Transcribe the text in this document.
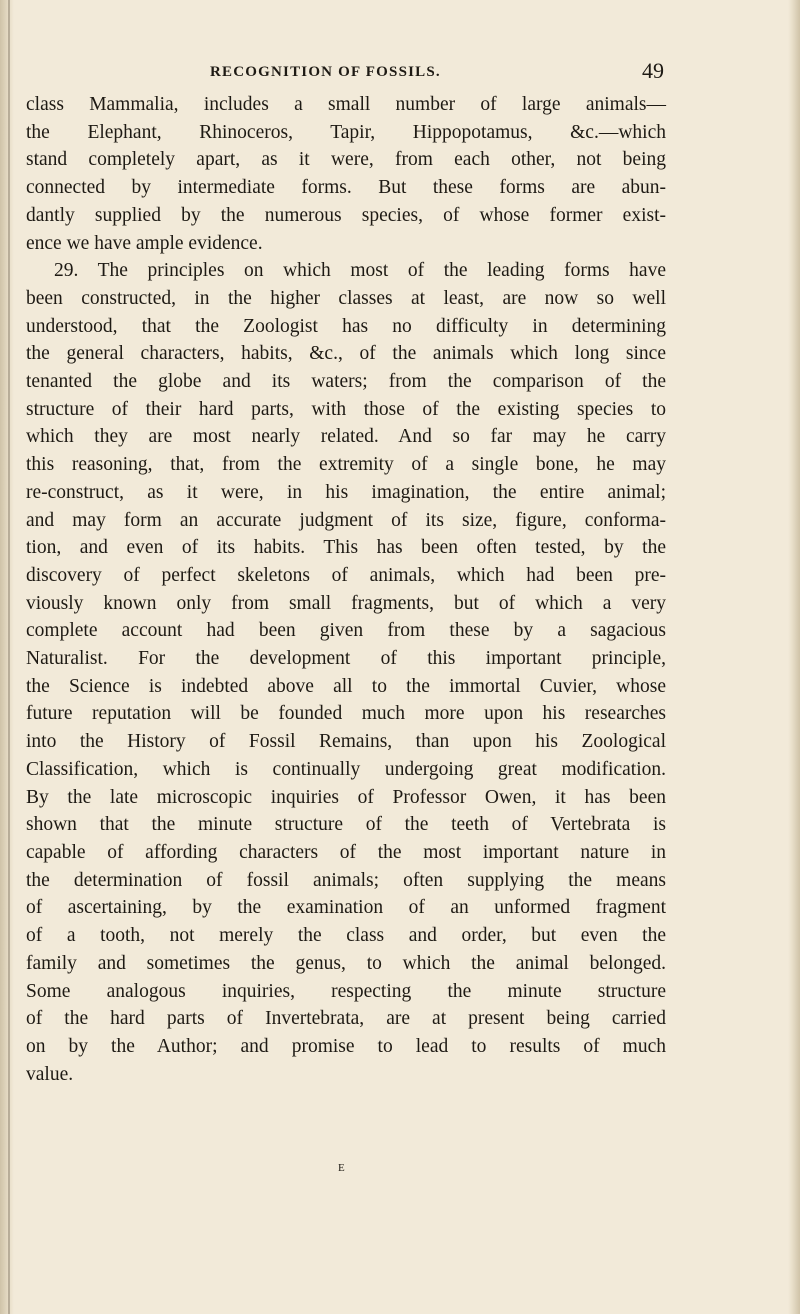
RECOGNITION OF FOSSILS.	49
class Mammalia, includes a small number of large animals—
the Elephant, Rhinoceros, Tapir, Hippopotamus, &c.—which
stand completely apart, as it were, from each other, not being
connected by intermediate forms. But these forms are abun-
dantly supplied by the numerous species, of whose former exist-
ence we have ample evidence.
29. The principles on which most of the leading forms have
been constructed, in the higher classes at least, are now so well
understood, that the Zoologist has no difficulty in determining
the general characters, habits, &c., of the animals which long since
tenanted the globe and its waters; from the comparison of the
structure of their hard parts, with those of the existing species to
which they are most nearly related. And so far may he carry
this reasoning, that, from the extremity of a single bone, he may
re-construct, as it were, in his imagination, the entire animal;
and may form an accurate judgment of its size, figure, conforma-
tion, and even of its habits. This has been often tested, by the
discovery of perfect skeletons of animals, which had been pre-
viously known only from small fragments, but of which a very
complete account had been given from these by a sagacious
Naturalist. For the development of this important principle,
the Science is indebted above all to the immortal Cuvier, whose
future reputation will be founded much more upon his researches
into the History of Fossil Remains, than upon his Zoological
Classification, which is continually undergoing great modification.
By the late microscopic inquiries of Professor Owen, it has been
shown that the minute structure of the teeth of Vertebrata is
capable of affording characters of the most important nature in
the determination of fossil animals; often supplying the means
of ascertaining, by the examination of an unformed fragment
of a tooth, not merely the class and order, but even the
family and sometimes the genus, to which the animal belonged.
Some analogous inquiries, respecting the minute structure
of the hard parts of Invertebrata, are at present being carried
on by the Author; and promise to lead to results of much
value.
E
